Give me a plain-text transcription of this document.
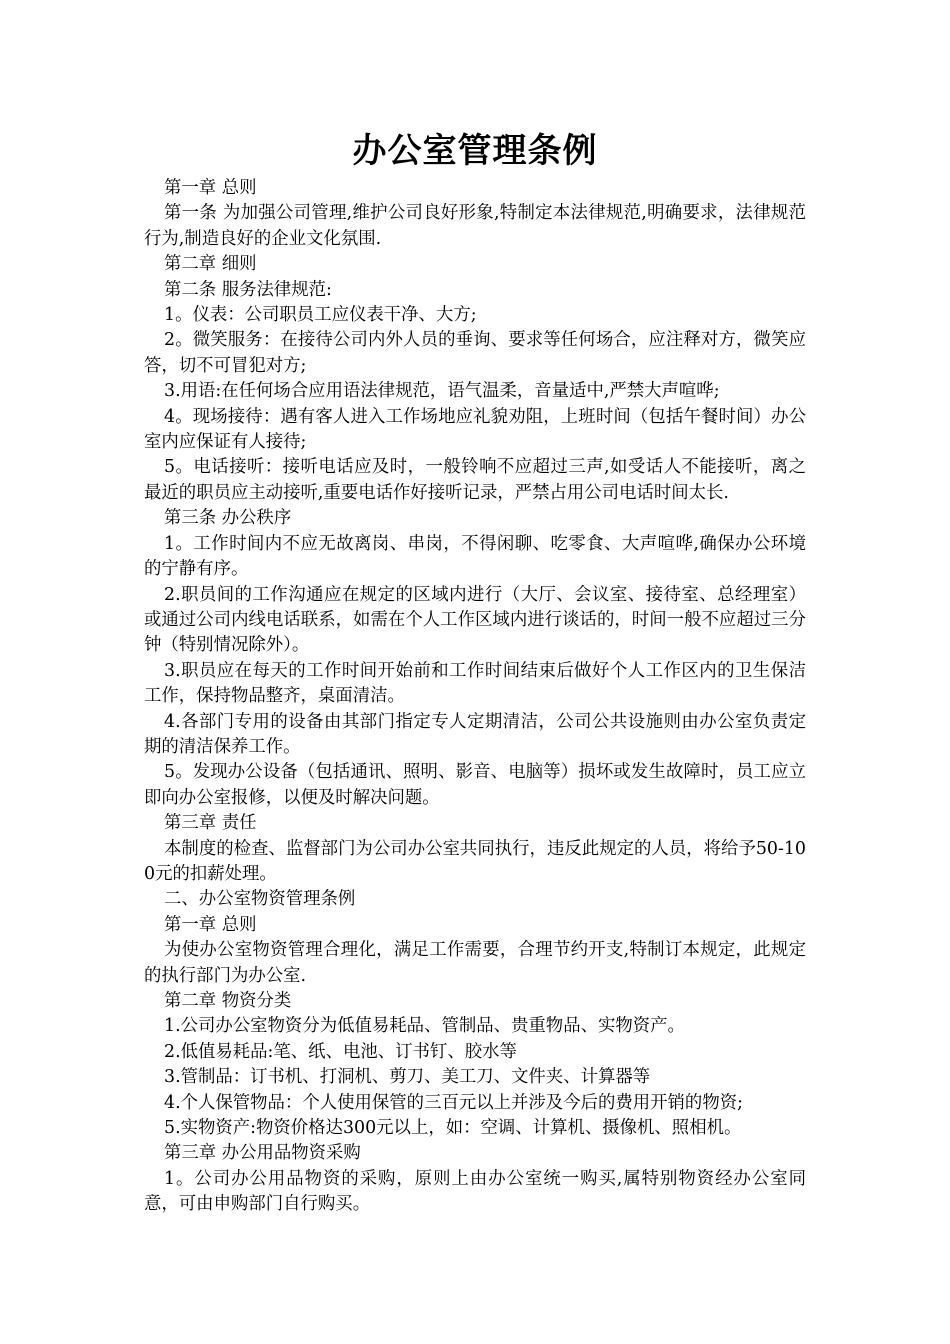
办公室管理条例

第一章 总则

第一条 为加强公司管理,维护公司良好形象,特制定本法律规范,明确要求，法律规范行为,制造良好的企业文化氛围.

第二章 细则

第二条 服务法律规范:

1。仪表：公司职员工应仪表干净、大方;

2。微笑服务：在接待公司内外人员的垂询、要求等任何场合，应注释对方，微笑应答，切不可冒犯对方;

3.用语:在任何场合应用语法律规范，语气温柔，音量适中,严禁大声喧哗;

4。现场接待：遇有客人进入工作场地应礼貌劝阻，上班时间（包括午餐时间）办公室内应保证有人接待;

5。电话接听：接听电话应及时，一般铃响不应超过三声,如受话人不能接听，离之最近的职员应主动接听,重要电话作好接听记录，严禁占用公司电话时间太长.

第三条 办公秩序

1。工作时间内不应无故离岗、串岗，不得闲聊、吃零食、大声喧哗,确保办公环境的宁静有序。

2.职员间的工作沟通应在规定的区域内进行（大厅、会议室、接待室、总经理室）或通过公司内线电话联系，如需在个人工作区域内进行谈话的，时间一般不应超过三分钟（特别情况除外）。

3.职员应在每天的工作时间开始前和工作时间结束后做好个人工作区内的卫生保洁工作，保持物品整齐，桌面清洁。

4.各部门专用的设备由其部门指定专人定期清洁，公司公共设施则由办公室负责定期的清洁保养工作。

5。发现办公设备（包括通讯、照明、影音、电脑等）损坏或发生故障时，员工应立即向办公室报修，以便及时解决问题。

第三章 责任

本制度的检查、监督部门为公司办公室共同执行，违反此规定的人员，将给予50-100元的扣薪处理。

二、办公室物资管理条例

第一章 总则

为使办公室物资管理合理化，满足工作需要，合理节约开支,特制订本规定，此规定的执行部门为办公室.

第二章 物资分类

1.公司办公室物资分为低值易耗品、管制品、贵重物品、实物资产。

2.低值易耗品:笔、纸、电池、订书钉、胶水等

3.管制品：订书机、打洞机、剪刀、美工刀、文件夹、计算器等

4.个人保管物品：个人使用保管的三百元以上并涉及今后的费用开销的物资;

5.实物资产:物资价格达300元以上，如：空调、计算机、摄像机、照相机。

第三章 办公用品物资采购

1。公司办公用品物资的采购，原则上由办公室统一购买,属特别物资经办公室同意，可由申购部门自行购买。
